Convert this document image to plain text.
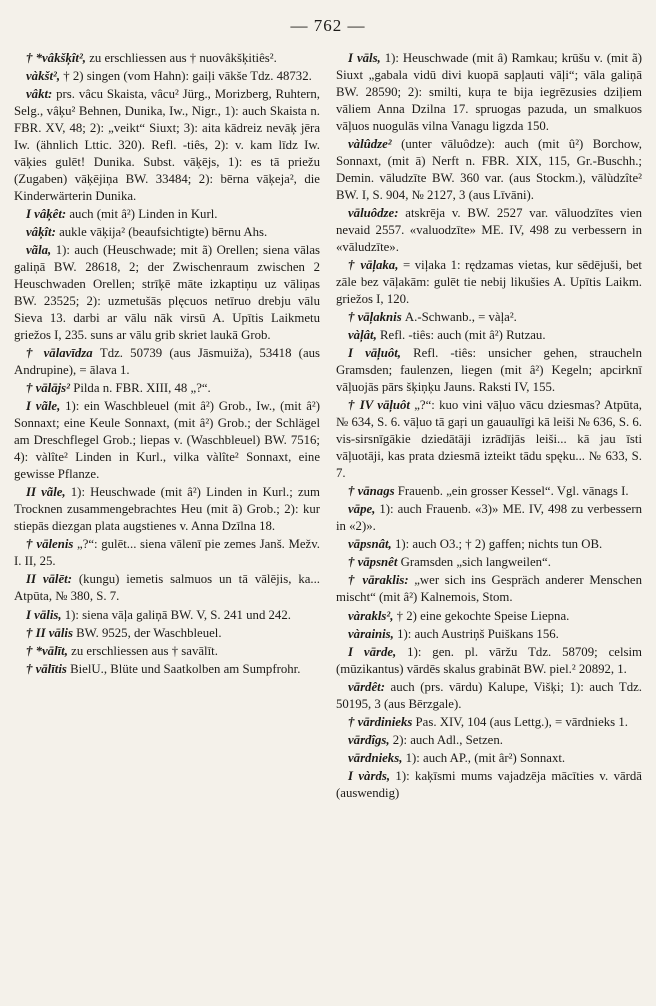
— 762 —

† *vâkšķît², zu erschliessen aus † nuovâkšķitiês².

vàkšt², † 2) singen (vom Hahn): gaiļi vākše Tdz. 48732.

vâkt: prs. vâcu Skaista, vâcu² Jürg., Morizberg, Ruhtern, Selg., vâķu² Behnen, Dunika, Iw., Nigr., 1): auch Skaista n. FBR. XV, 48; 2): „veikt“ Siuxt; 3): aita kādreiz nevāķ jēra Iw. (ähnlich Lttic. 320). Refl. -tiês, 2): v. kam līdz Iw. vāķies gulēt! Dunika. Subst. vāķējs, 1): es tā priežu (Zugaben) vāķējiņa BW. 33484; 2): bērna vāķeja², die Kinderwärterin Dunika.

I vâķêt: auch (mit â²) Linden in Kurl.

vâķît: aukle vāķija² (beaufsichtigte) bērnu Ahs.

vãla, 1): auch (Heuschwade; mit ã) Orellen; siena vālas galiņā BW. 28618, 2; der Zwischenraum zwischen 2 Heuschwaden Orellen; strīķē māte izkaptiņu uz vāliņas BW. 23525; 2): uzmetušās plęcuos netīruo drebju vālu Sieva 13. darbi ar vālu nāk virsū A. Upītis Laikmetu griežos I, 235. suns ar vālu grib skriet laukā Grob.

† vālavīdza Tdz. 50739 (aus Jāsmuiža), 53418 (aus Andrupine), = ālava 1.

† vālājs² Pilda n. FBR. XIII, 48 „?“.

I vãle, 1): ein Waschbleuel (mit â²) Grob., Iw., (mit â²) Sonnaxt; eine Keule Sonnaxt, (mit â²) Grob.; der Schlägel am Dreschflegel Grob.; liepas v. (Waschbleuel) BW. 7516; 4): vàlîte² Linden in Kurl., vilka vàlîte² Sonnaxt, eine gewisse Pflanze.

II vãle, 1): Heuschwade (mit â²) Linden in Kurl.; zum Trocknen zusammengebrachtes Heu (mit ã) Grob.; 2): kur stiepās diezgan plata augstienes v. Anna Dzīlna 18.

† vālenis „?“: gulēt... siena vālenī pie zemes Janš. Mežv. I. II, 25.

II vālēt: (kungu) iemetis salmuos un tā vālējis, ka... Atpūta, № 380, S. 7.

I vālis, 1): siena vāļa galiņā BW. V, S. 241 und 242.

† II vālis BW. 9525, der Waschbleuel.

† *vālīt, zu erschliessen aus † savālīt.

† vālītis BielU., Blüte und Saatkolben am Sumpfrohr.

I vāls, 1): Heuschwade (mit â) Ramkau; krūšu v. (mit ã) Siuxt „gabala vidū divi kuopā sapļauti vāļi“; vāla galiņā BW. 28590; 2): smilti, kuŗa te bija iegrēzusies dziļiem vāliem Anna Dzilna 17. spruogas pazuda, un smalkuos vāļuos nuogulās vilna Vanagu ligzda 150.

vàlûdze² (unter vāluôdze): auch (mit û²) Borchow, Sonnaxt, (mit ā) Nerft n. FBR. XIX, 115, Gr.-Buschh.; Demin. vāludzīte BW. 360 var. (aus Stockm.), vālùdzîte² BW. I, S. 904, № 2127, 3 (aus Līvāni).

vāluôdze: atskrēja v. BW. 2527 var. vāluodzītes vien nevaid 2557. «valuodzīte» ME. IV, 498 zu verbessern in «vāludzīte».

† vāļaka, = viļaka 1: rędzamas vietas, kur sēdējuši, bet zāle bez vāļakām: gulēt tie nebij likušies A. Upītis Laikm. griežos I, 120.

† vāļaknis A.-Schwanb., = vàļa².

vàļât, Refl. -tiês: auch (mit â²) Rutzau.

I vāļuôt, Refl. -tiês: unsicher gehen, straucheln Gramsden; faulenzen, liegen (mit â²) Kegeln; apcirknī vāļuojās pārs šķiņķu Jauns. Raksti IV, 155.

† IV vāļuôt „?“: kuo vini vāļuo vācu dziesmas? Atpūta, № 634, S. 6. vāļuo tā gaŗi un gauaulīgi kā leiši № 636, S. 6. vis-sirsnīgākie dziedātāji izrādījās leiši... kā jau īsti vāļuotāji, kas prata dziesmā izteikt tādu spęku... № 633, S. 7.

† vānags Frauenb. „ein grosser Kessel“. Vgl. vānags I.

vāpe, 1): auch Frauenb. «3)» ME. IV, 498 zu verbessern in «2)».

vāpsnât, 1): auch O3.; † 2) gaffen; nichts tun OB.

† vāpsnêt Gramsden „sich langweilen“.

† vāraklis: „wer sich ins Gespräch anderer Menschen mischt“ (mit â²) Kalnemois, Stom.

vàrakls², † 2) eine gekochte Speise Liepna.

vàrainis, 1): auch Austriņš Puiškans 156.

I vārde, 1): gen. pl. vāržu Tdz. 58709; celsim (mūzikantus) vārdēs skalus grabināt BW. piel.² 20892, 1.

vārdêt: auch (prs. vārdu) Kalupe, Višķi; 1): auch Tdz. 50195, 3 (aus Bērzgale).

† vārdinieks Pas. XIV, 104 (aus Lettg.), = vārdnieks 1.

vārdîgs, 2): auch Adl., Setzen.

vārdnieks, 1): auch AP., (mit âr²) Sonnaxt.

I vàrds, 1): kaķīsmi mums vajadzēja mācīties v. vārdā (auswendig)
